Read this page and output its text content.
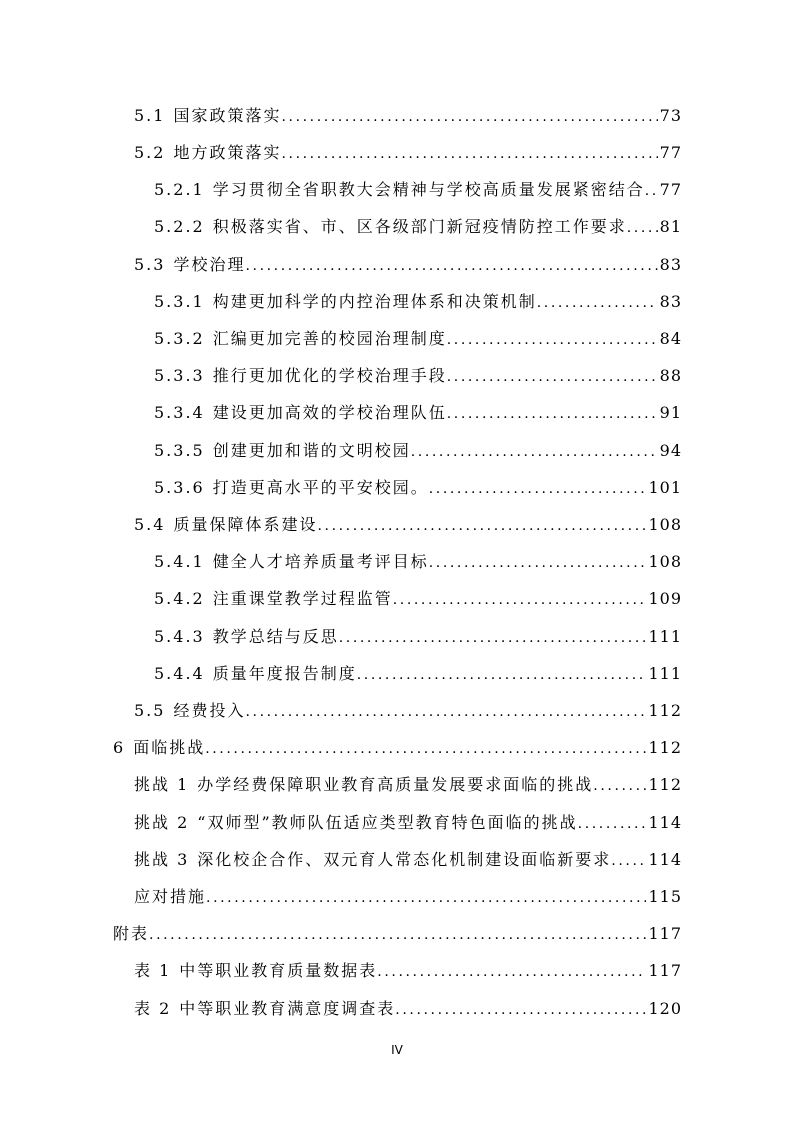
5.1 国家政策落实 .....	73
5.2 地方政策落实 .....	77
5.2.1 学习贯彻全省职教大会精神与学校高质量发展紧密结合 ..... 77
5.2.2 积极落实省、市、区各级部门新冠疫情防控工作要求 ..... 81
5.3 学校治理 .....	83
5.3.1 构建更加科学的内控治理体系和决策机制 .....	83
5.3.2 汇编更加完善的校园治理制度 .....	84
5.3.3 推行更加优化的学校治理手段 .....	88
5.3.4 建设更加高效的学校治理队伍 .....	91
5.3.5 创建更加和谐的文明校园 .....	94
5.3.6 打造更高水平的平安校园。 .....	101
5.4 质量保障体系建设 .....	108
5.4.1 健全人才培养质量考评目标 .....	108
5.4.2 注重课堂教学过程监管 .....	109
5.4.3 教学总结与反思 .....	111
5.4.4 质量年度报告制度 .....	111
5.5 经费投入 .....	112
6 面临挑战 .....	112
挑战 1 办学经费保障职业教育高质量发展要求面临的挑战 .....	112
挑战 2 “双师型”教师队伍适应类型教育特色面临的挑战 .....	114
挑战 3 深化校企合作、双元育人常态化机制建设面临新要求 ..... 114
应对措施 .....	115
附表 .....	117
表 1 中等职业教育质量数据表 .....	117
表 2 中等职业教育满意度调查表 .....	120
IV
